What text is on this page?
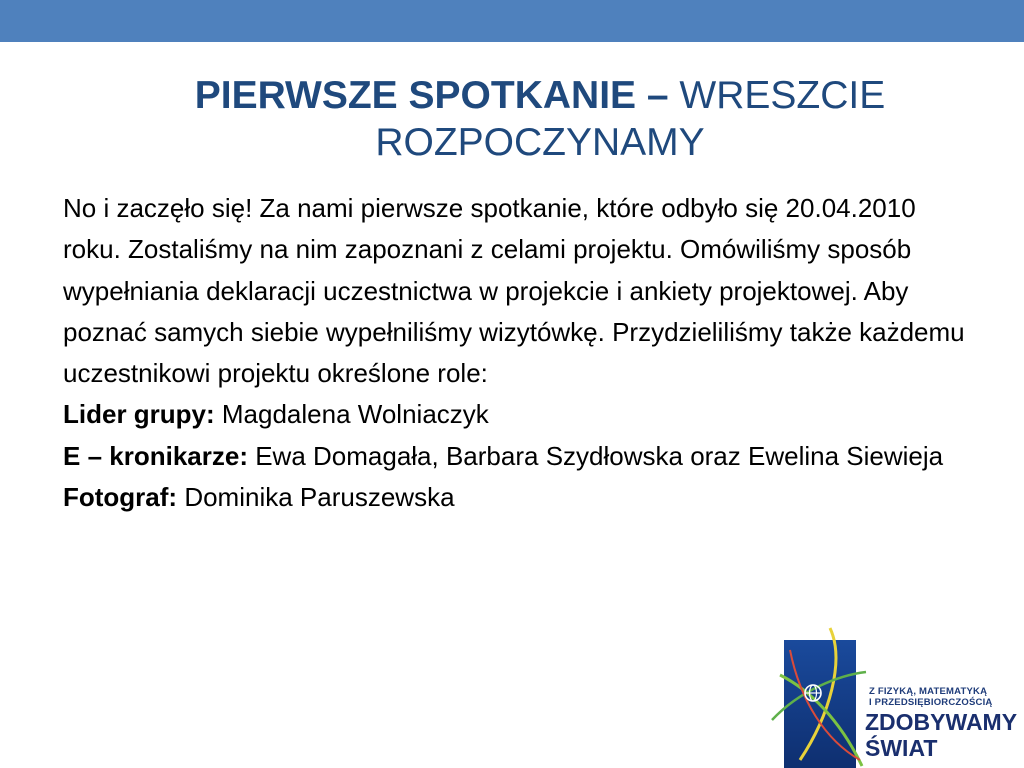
PIERWSZE SPOTKANIE – WRESZCIE ROZPOCZYNAMY

No i zaczęło się! Za nami pierwsze spotkanie, które odbyło się 20.04.2010 roku. Zostaliśmy na nim zapoznani z celami projektu. Omówiliśmy sposób wypełniania deklaracji uczestnictwa w projekcie i ankiety projektowej. Aby poznać samych siebie wypełniliśmy wizytówkę. Przydzieliliśmy także każdemu uczestnikowi projektu określone role:

Lider grupy: Magdalena Wolniaczyk

E – kronikarze: Ewa Domagała, Barbara Szydłowska oraz Ewelina Siewieja

Fotograf: Dominika Paruszewska

Z FIZYKĄ, MATEMATYKĄ
I PRZEDSIĘBIORCZOŚCIĄ
ZDOBYWAMY
ŚWIAT
